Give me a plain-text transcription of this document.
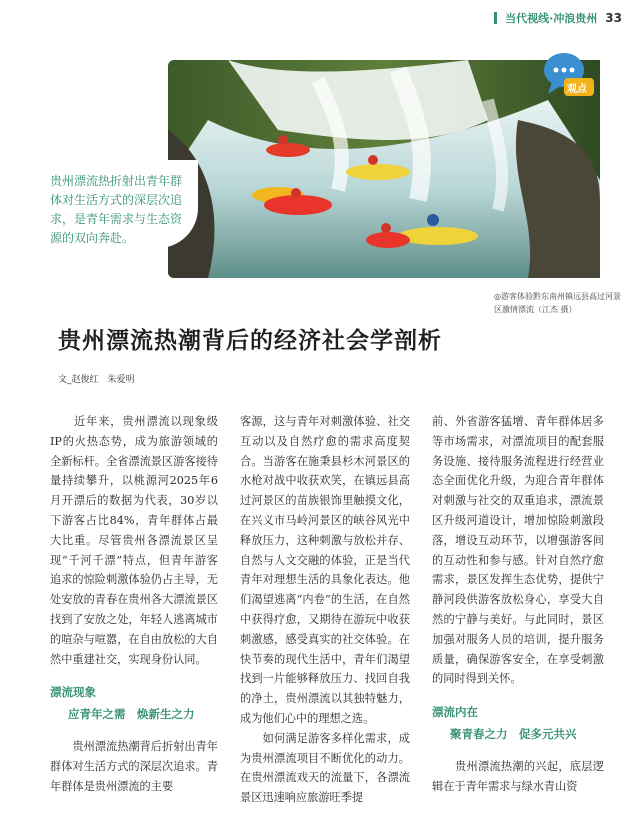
当代视线·冲浪贵州 33
观点
贵州漂流热折射出青年群体对生活方式的深层次追求，是青年需求与生态资源的双向奔赴。
◎游客体验黔东南州镇远县高过河景区激情漂流（江杰 摄）
贵州漂流热潮背后的经济社会学剖析
文_赵俊红　朱爱明

　　近年来，贵州漂流以现象级IP的火热态势，成为旅游领域的全新标杆。全省漂流景区游客接待量持续攀升，以桃源河2025年6月开漂后的数据为代表，30岁以下游客占比84%，青年群体占最大比重。尽管贵州各漂流景区呈现“千河千漂”特点，但青年游客追求的惊险刺激体验仍占主导，无处安放的青春在贵州各大漂流景区找到了安放之处，年轻人逃离城市的喧杂与喧嚣，在自由放松的大自然中重建社交，实现身份认同。

漂流现象
应青年之需　焕新生之力

　　贵州漂流热潮背后折射出青年群体对生活方式的深层次追求。青年群体是贵州漂流的主要

客源，这与青年对刺激体验、社交互动以及自然疗愈的需求高度契合。当游客在施秉县杉木河景区的水枪对战中收获欢笑，在镇远县高过河景区的苗族银饰里触摸文化，在兴义市马岭河景区的峡谷风光中释放压力，这种刺激与放松并存、自然与人文交融的体验，正是当代青年对理想生活的具象化表达。他们渴望逃离“内卷”的生活，在自然中获得疗愈，又期待在游玩中收获刺激感，感受真实的社交体验。在快节奏的现代生活中，青年们渴望找到一片能够释放压力、找回自我的净土，贵州漂流以其独特魅力，成为他们心中的理想之选。

　　如何满足游客多样化需求，成为贵州漂流项目不断优化的动力。在贵州漂流戏天的流量下，各漂流景区迅速响应旅游旺季提

前、外省游客猛增、青年群体居多等市场需求，对漂流项目的配套服务设施、接待服务流程进行经营业态全面优化升级，为迎合青年群体对刺激与社交的双重追求，漂流景区升级河道设计，增加惊险刺激段落，增设互动环节，以增强游客间的互动性和参与感。针对自然疗愈需求，景区发挥生态优势，提供宁静河段供游客放松身心，享受大自然的宁静与美好。与此同时，景区加强对服务人员的培训，提升服务质量，确保游客安全，在享受刺激的同时得到关怀。

漂流内在
聚青春之力　促多元共兴

　　贵州漂流热潮的兴起，底层逻辑在于青年需求与绿水青山资
